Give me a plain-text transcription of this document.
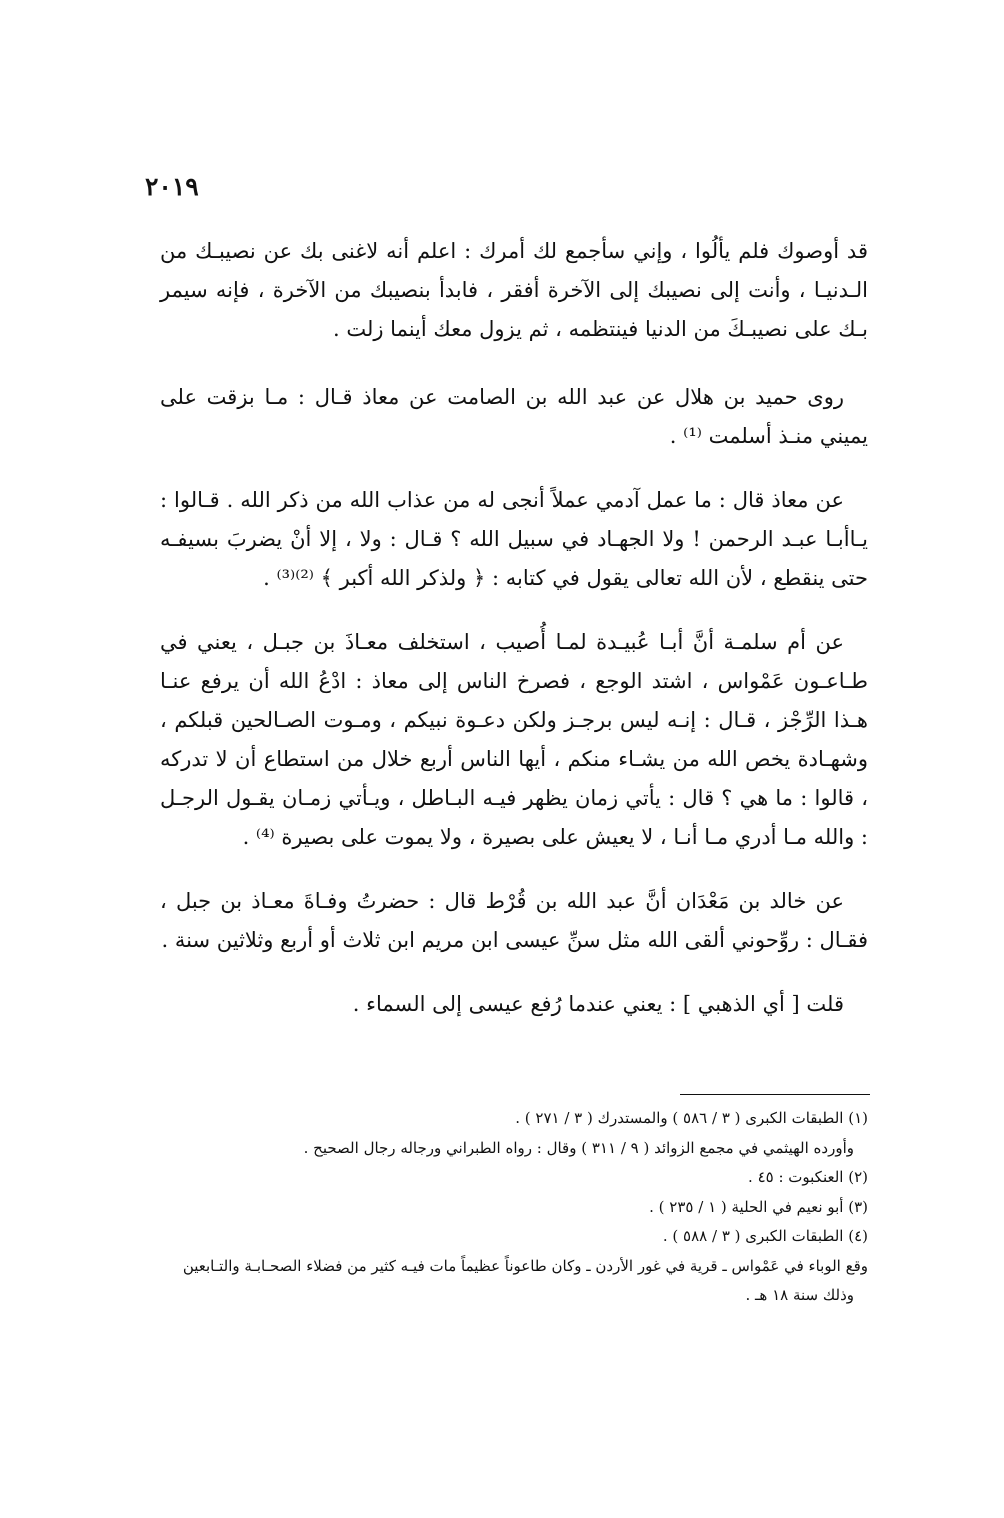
٢٠١٩

قد أوصوك فلم يألُوا ، وإني سأجمع لك أمرك : اعلم أنه لاغنى بك عن نصيبـك من الـدنيـا ، وأنت إلى نصيبك إلى الآخرة أفقر ، فابدأ بنصيبك من الآخرة ، فإنه سيمر بـك على نصيبـكَ من الدنيا فينتظمه ، ثم يزول معك أينما زلت .

روى حميد بن هلال عن عبد الله بن الصامت عن معاذ قـال : مـا بزقت على يميني منـذ أسلمت ⁽¹⁾ .

عن معاذ قال : ما عمل آدمي عملاً أنجى له من عذاب الله من ذكر الله . قـالوا : يـاأبـا عبـد الرحمن ! ولا الجهـاد في سبيل الله ؟ قـال : ولا ، إلا أنْ يضربَ بسيفـه حتى ينقطع ، لأن الله تعالى يقول في كتابه : ﴿ ولذكر الله أكبر ﴾ ⁽²⁾⁽³⁾ .

عن أم سلمـة أنَّ أبـا عُبيـدة لمـا أُصيب ، استخلف معـاذَ بن جبـل ، يعني في طـاعـون عَمْواس ، اشتد الوجع ، فصرخ الناس إلى معاذ : ادْعُ الله أن يرفع عنـا هـذا الرِّجْز ، قـال : إنـه ليس برجـز ولكن دعـوة نبيكم ، ومـوت الصـالحين قبلكم ، وشهـادة يخص الله من يشـاء منكم ، أيها الناس أربع خلال من استطاع أن لا تدركه ، قالوا : ما هي ؟ قال : يأتي زمان يظهر فيـه البـاطل ، ويـأتي زمـان يقـول الرجـل : والله مـا أدري مـا أنـا ، لا يعيش على بصيرة ، ولا يموت على بصيرة ⁽⁴⁾ .

عن خالد بن مَعْدَان أنَّ عبد الله بن قُرْط قال : حضرتُ وفـاةَ معـاذ بن جبل ، فقـال : روِّحوني ألقى الله مثل سنِّ عيسى ابن مريم ابن ثلاث أو أربع وثلاثين سنة .

قلت [ أي الذهبي ] : يعني عندما رُفع عيسى إلى السماء .

(١) الطبقات الكبرى ( ٣ / ٥٨٦ ) والمستدرك ( ٣ / ٢٧١ ) .
وأورده الهيثمي في مجمع الزوائد ( ٩ / ٣١١ ) وقال : رواه الطبراني ورجاله رجال الصحيح .
(٢) العنكبوت : ٤٥ .
(٣) أبو نعيم في الحلية ( ١ / ٢٣٥ ) .
(٤) الطبقات الكبرى ( ٣ / ٥٨٨ ) .
وقع الوباء في عَمْواس ـ قرية في غور الأردن ـ وكان طاعوناً عظيماً مات فيـه كثير من فضلاء الصحـابـة والتـابعين
وذلك سنة ١٨ هـ .
